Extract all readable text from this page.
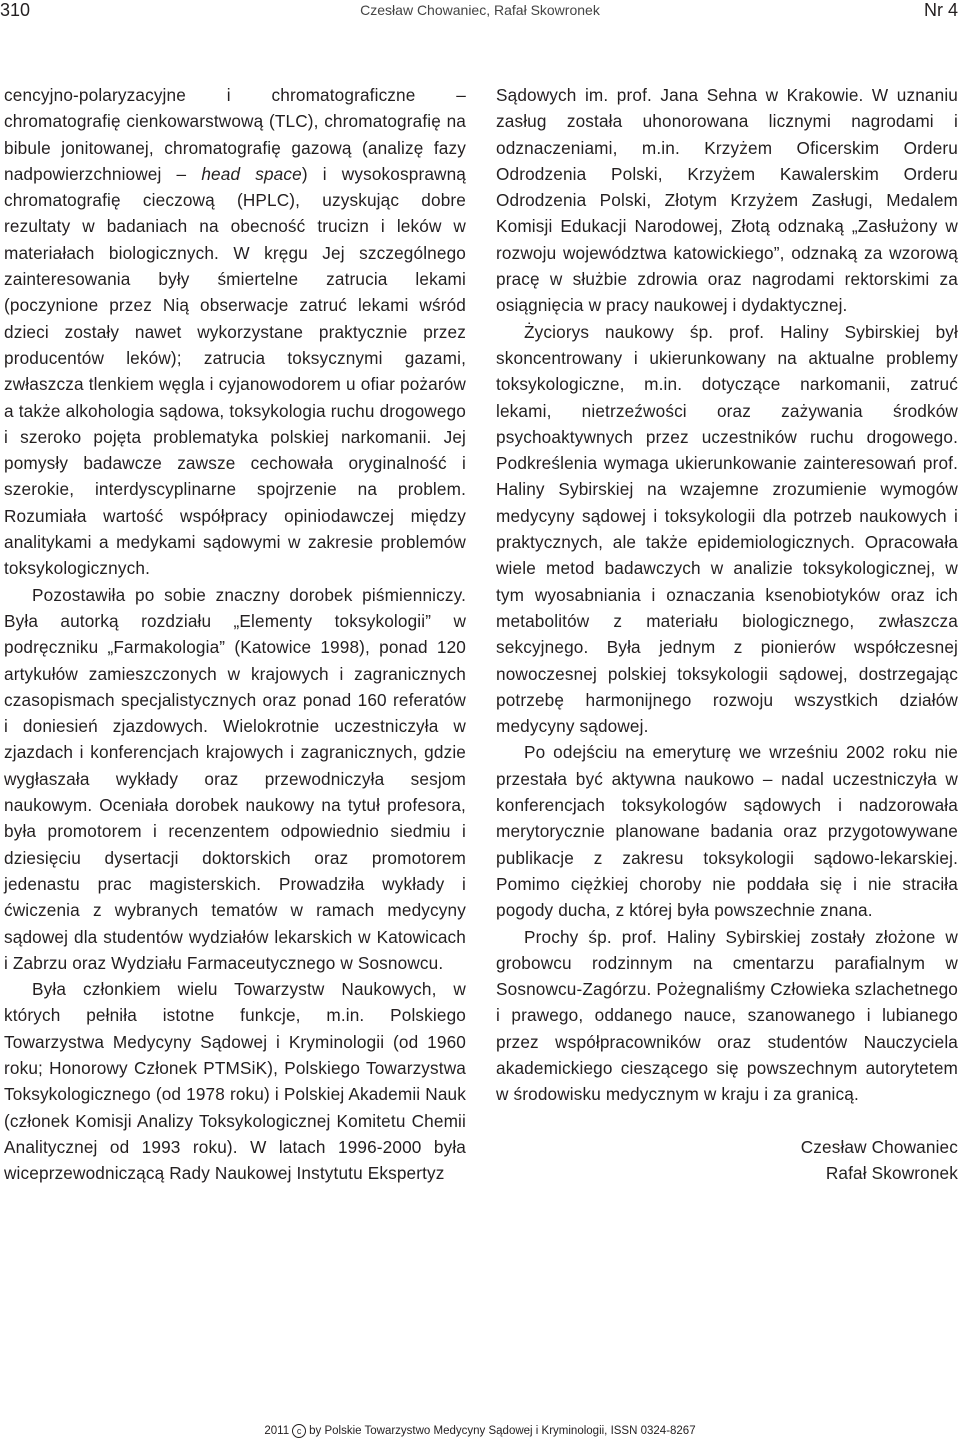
310	Czesław Chowaniec, Rafał Skowronek	Nr 4

cencyjno-polaryzacyjne i chromatograficzne – chromatografię cienkowarstwową (TLC), chromatografię na bibule jonitowanej, chromatografię gazową (analizę fazy nadpowierzchniowej – head space) i wysokosprawną chromatografię cieczową (HPLC), uzyskując dobre rezultaty w badaniach na obecność trucizn i leków w materiałach biologicznych. W kręgu Jej szczególnego zainteresowania były śmiertelne zatrucia lekami (poczynione przez Nią obserwacje zatruć lekami wśród dzieci zostały nawet wykorzystane praktycznie przez producentów leków); zatrucia toksycznymi gazami, zwłaszcza tlenkiem węgla i cyjanowodorem u ofiar pożarów a także alkohologia sądowa, toksykologia ruchu drogowego i szeroko pojęta problematyka polskiej narkomanii. Jej pomysły badawcze zawsze cechowała oryginalność i szerokie, interdyscyplinarne spojrzenie na problem. Rozumiała wartość współpracy opiniodawczej między analitykami a medykami sądowymi w zakresie problemów toksykologicznych.

Pozostawiła po sobie znaczny dorobek piśmienniczy. Była autorką rozdziału „Elementy toksykologii” w podręczniku „Farmakologia” (Katowice 1998), ponad 120 artykułów zamieszczonych w krajowych i zagranicznych czasopismach specjalistycznych oraz ponad 160 referatów i doniesień zjazdowych. Wielokrotnie uczestniczyła w zjazdach i konferencjach krajowych i zagranicznych, gdzie wygłaszała wykłady oraz przewodniczyła sesjom naukowym. Oceniała dorobek naukowy na tytuł profesora, była promotorem i recenzentem odpowiednio siedmiu i dziesięciu dysertacji doktorskich oraz promotorem jedenastu prac magisterskich. Prowadziła wykłady i ćwiczenia z wybranych tematów w ramach medycyny sądowej dla studentów wydziałów lekarskich w Katowicach i Zabrzu oraz Wydziału Farmaceutycznego w Sosnowcu.

Była członkiem wielu Towarzystw Naukowych, w których pełniła istotne funkcje, m.in. Polskiego Towarzystwa Medycyny Sądowej i Kryminologii (od 1960 roku; Honorowy Członek PTMSiK), Polskiego Towarzystwa Toksykologicznego (od 1978 roku) i Polskiej Akademii Nauk (członek Komisji Analizy Toksykologicznej Komitetu Chemii Analitycznej od 1993 roku). W latach 1996-2000 była wiceprzewodniczącą Rady Naukowej Instytutu Ekspertyz

Sądowych im. prof. Jana Sehna w Krakowie. W uznaniu zasług została uhonorowana licznymi nagrodami i odznaczeniami, m.in. Krzyżem Oficerskim Orderu Odrodzenia Polski, Krzyżem Kawalerskim Orderu Odrodzenia Polski, Złotym Krzyżem Zasługi, Medalem Komisji Edukacji Narodowej, Złotą odznaką „Zasłużony w rozwoju województwa katowickiego”, odznaką za wzorową pracę w służbie zdrowia oraz nagrodami rektorskimi za osiągnięcia w pracy naukowej i dydaktycznej.

Życiorys naukowy śp. prof. Haliny Sybirskiej był skoncentrowany i ukierunkowany na aktualne problemy toksykologiczne, m.in. dotyczące narkomanii, zatruć lekami, nietrzeźwości oraz zażywania środków psychoaktywnych przez uczestników ruchu drogowego. Podkreślenia wymaga ukierunkowanie zainteresowań prof. Haliny Sybirskiej na wzajemne zrozumienie wymogów medycyny sądowej i toksykologii dla potrzeb naukowych i praktycznych, ale także epidemiologicznych. Opracowała wiele metod badawczych w analizie toksykologicznej, w tym wyosabniania i oznaczania ksenobiotyków oraz ich metabolitów z materiału biologicznego, zwłaszcza sekcyjnego. Była jednym z pionierów współczesnej nowoczesnej polskiej toksykologii sądowej, dostrzegając potrzebę harmonijnego rozwoju wszystkich działów medycyny sądowej.

Po odejściu na emeryturę we wrześniu 2002 roku nie przestała być aktywna naukowo – nadal uczestniczyła w konferencjach toksykologów sądowych i nadzorowała merytorycznie planowane badania oraz przygotowywane publikacje z zakresu toksykologii sądowo-lekarskiej. Pomimo ciężkiej choroby nie poddała się i nie straciła pogody ducha, z której była powszechnie znana.

Prochy śp. prof. Haliny Sybirskiej zostały złożone w grobowcu rodzinnym na cmentarzu parafialnym w Sosnowcu-Zagórzu. Pożegnaliśmy Człowieka szlachetnego i prawego, oddanego nauce, szanowanego i lubianego przez współpracowników oraz studentów Nauczyciela akademickiego cieszącego się powszechnym autorytetem w środowisku medycznym w kraju i za granicą.

Czesław Chowaniec
Rafał Skowronek
2011 c by Polskie Towarzystwo Medycyny Sądowej i Kryminologii, ISSN 0324-8267
